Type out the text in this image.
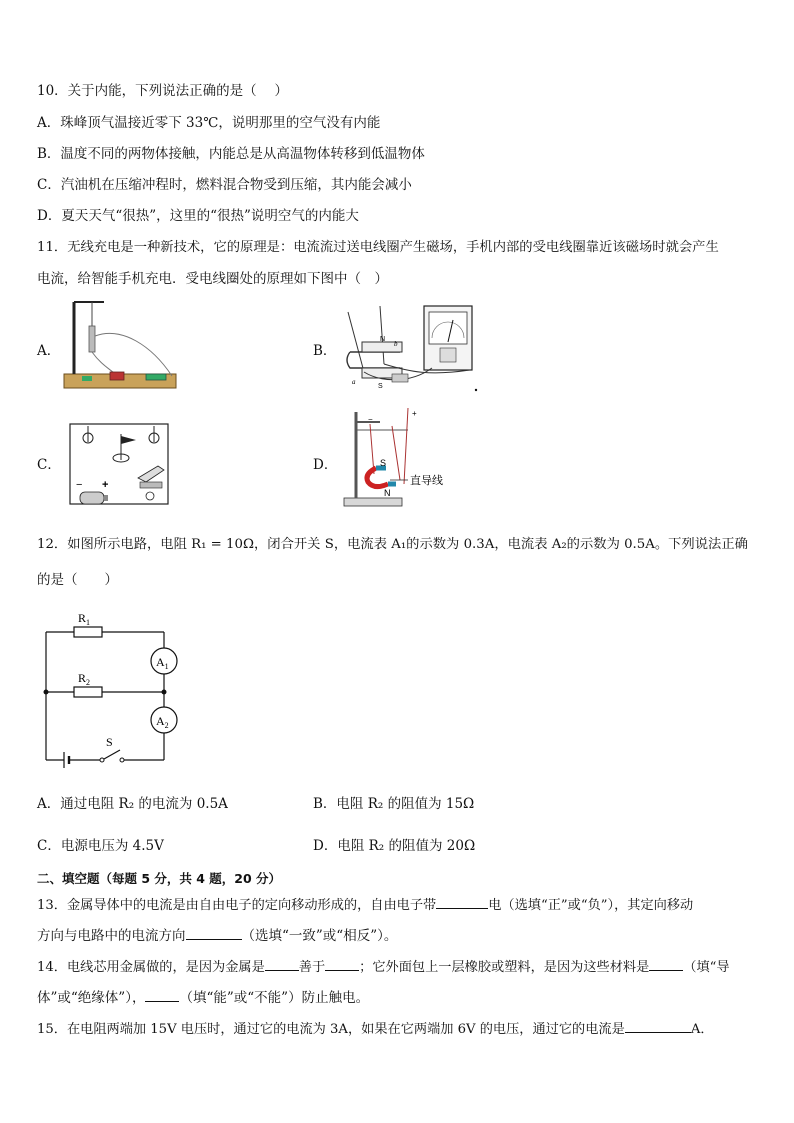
10．关于内能，下列说法正确的是（　 ）
A．珠峰顶气温接近零下 33℃，说明那里的空气没有内能
B．温度不同的两物体接触，内能总是从高温物体转移到低温物体
C．汽油机在压缩冲程时，燃料混合物受到压缩，其内能会减小
D．夏天天气“很热”，这里的“很热”说明空气的内能大
11．无线充电是一种新技术，它的原理是：电流流过送电线圈产生磁场，手机内部的受电线圈靠近该磁场时就会产生
电流，给智能手机充电．受电线圈处的原理如下图中（　）
A．	B．
C．	D．
N
S
a
b
− +
+
−
S
N
直导线
12．如图所示电路，电阻 R₁ = 10Ω，闭合开关 S，电流表 A₁的示数为 0.3A，电流表 A₂的示数为 0.5A。下列说法正确
的是（　　）
$R_1$
$A_1$
$R_2$
$A_2$
S
A．通过电阻 R₂ 的电流为 0.5A	B．电阻 R₂ 的阻值为 15Ω
C．电源电压为 4.5V	D．电阻 R₂ 的阻值为 20Ω
二、填空题（每题 5 分，共 4 题，20 分）
13．金属导体中的电流是由自由电子的定向移动形成的，自由电子带	电（选填“正”或“负”），其定向移动
方向与电路中的电流方向	（选填“一致”或“相反”）。
14．电线芯用金属做的，是因为金属是	善于	；它外面包上一层橡胶或塑料，是因为这些材料是	（填“导
体”或“绝缘体”），	（填“能”或“不能”）防止触电。
15．在电阻两端加 15V 电压时，通过它的电流为 3A，如果在它两端加 6V 的电压，通过它的电流是	A．
